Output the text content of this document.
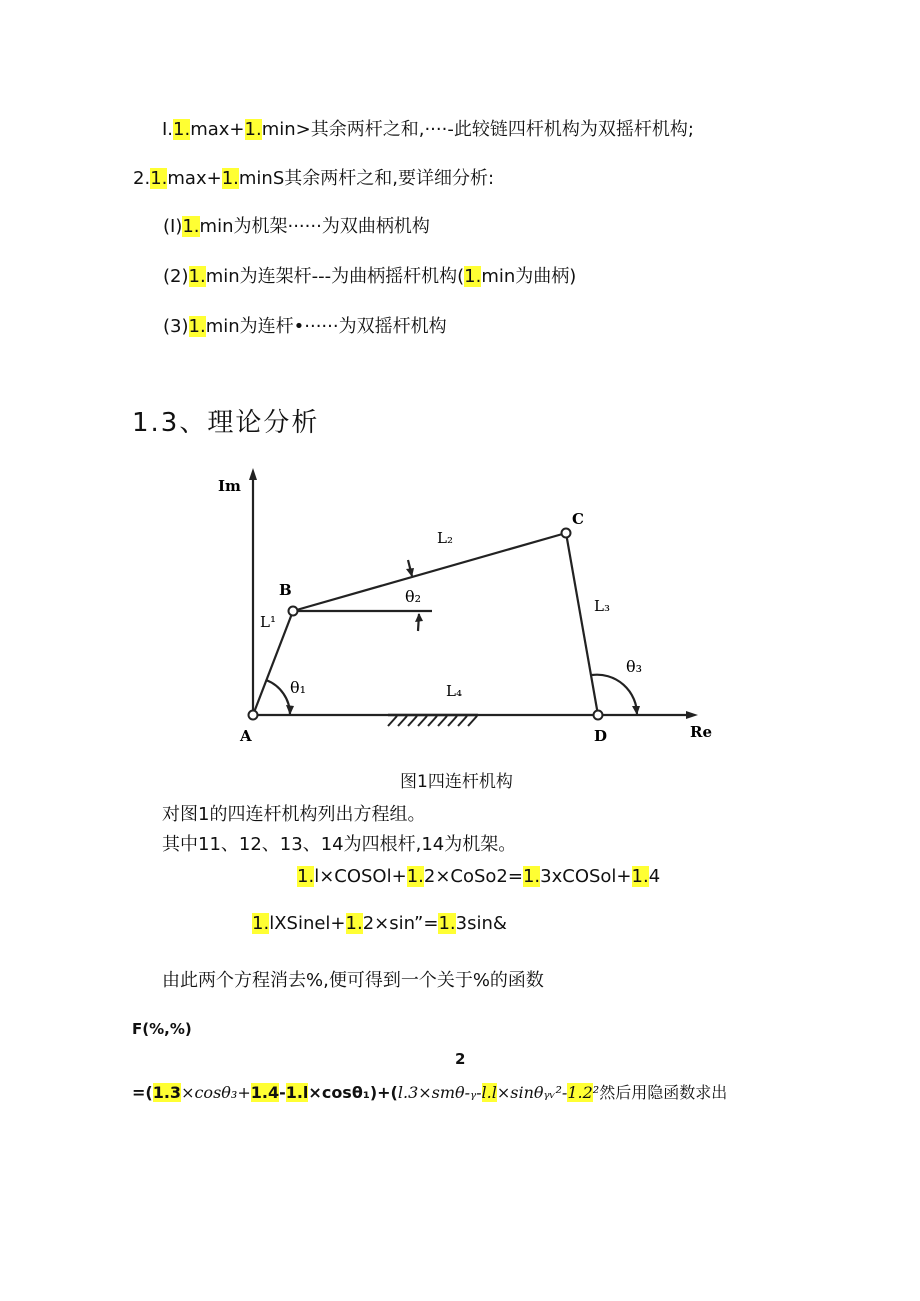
I.1.max+1.min>其余两杆之和,····-此较链四杆机构为双摇杆机构;
2.1.max+1.minS其余两杆之和,要详细分析:
(I)1.min为机架······为双曲柄机构
(2)1.min为连架杆---为曲柄摇杆机构(1.min为曲柄)
(3)1.min为连杆•······为双摇杆机构
1.3、理论分析
Im
Re
A
B
C
D
L¹
L₂
L₃
L₄
θ₁
θ₂
θ₃
图1四连杆机构
对图1的四连杆机构列出方程组。
其中11、12、13、14为四根杆,14为机架。
1.l×COSOl+1.2×CoSo2=1.3xCOSol+1.4
1.lXSinel+1.2×sin”=1.3sin&
由此两个方程消去%,便可得到一个关于%的函数
F(%,%)
2
=(1.3×cosθ₃+1.4-1.l×cosθ₁)+(l.3×smθ-ᵧ-l.l×sinθᵧᵥ²-1.2²然后用隐函数求出
